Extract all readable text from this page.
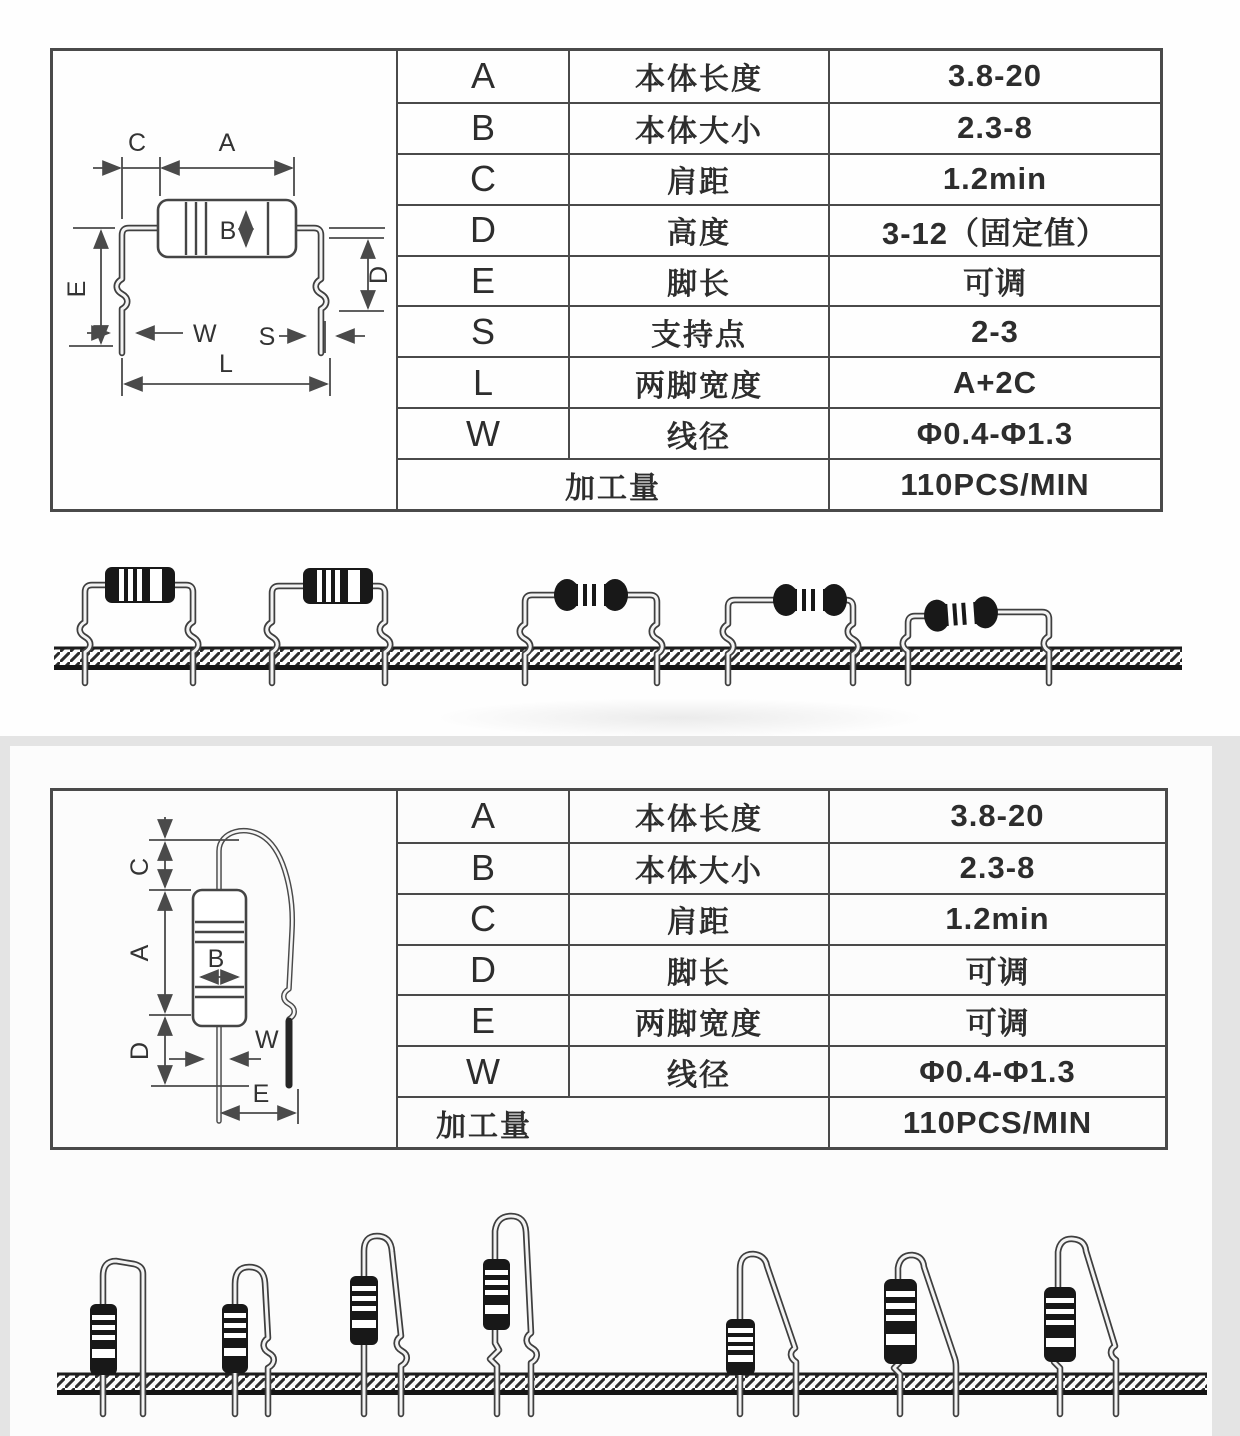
B
C	A
E
D
W S
L
A	本体长度	3.8-20
B	本体大小	2.3-8
C	肩距	1.2min
D	高度	3-12（固定值）
E	脚长	可调
S	支持点	2-3
L	两脚宽度	A+2C
W	线径	Φ0.4-Φ1.3
加工量	110PCS/MIN
B
C
A
D	W
E
A	本体长度	3.8-20
B	本体大小	2.3-8
C	肩距	1.2min
D	脚长	可调
E	两脚宽度	可调
W	线径	Φ0.4-Φ1.3
加工量	110PCS/MIN
